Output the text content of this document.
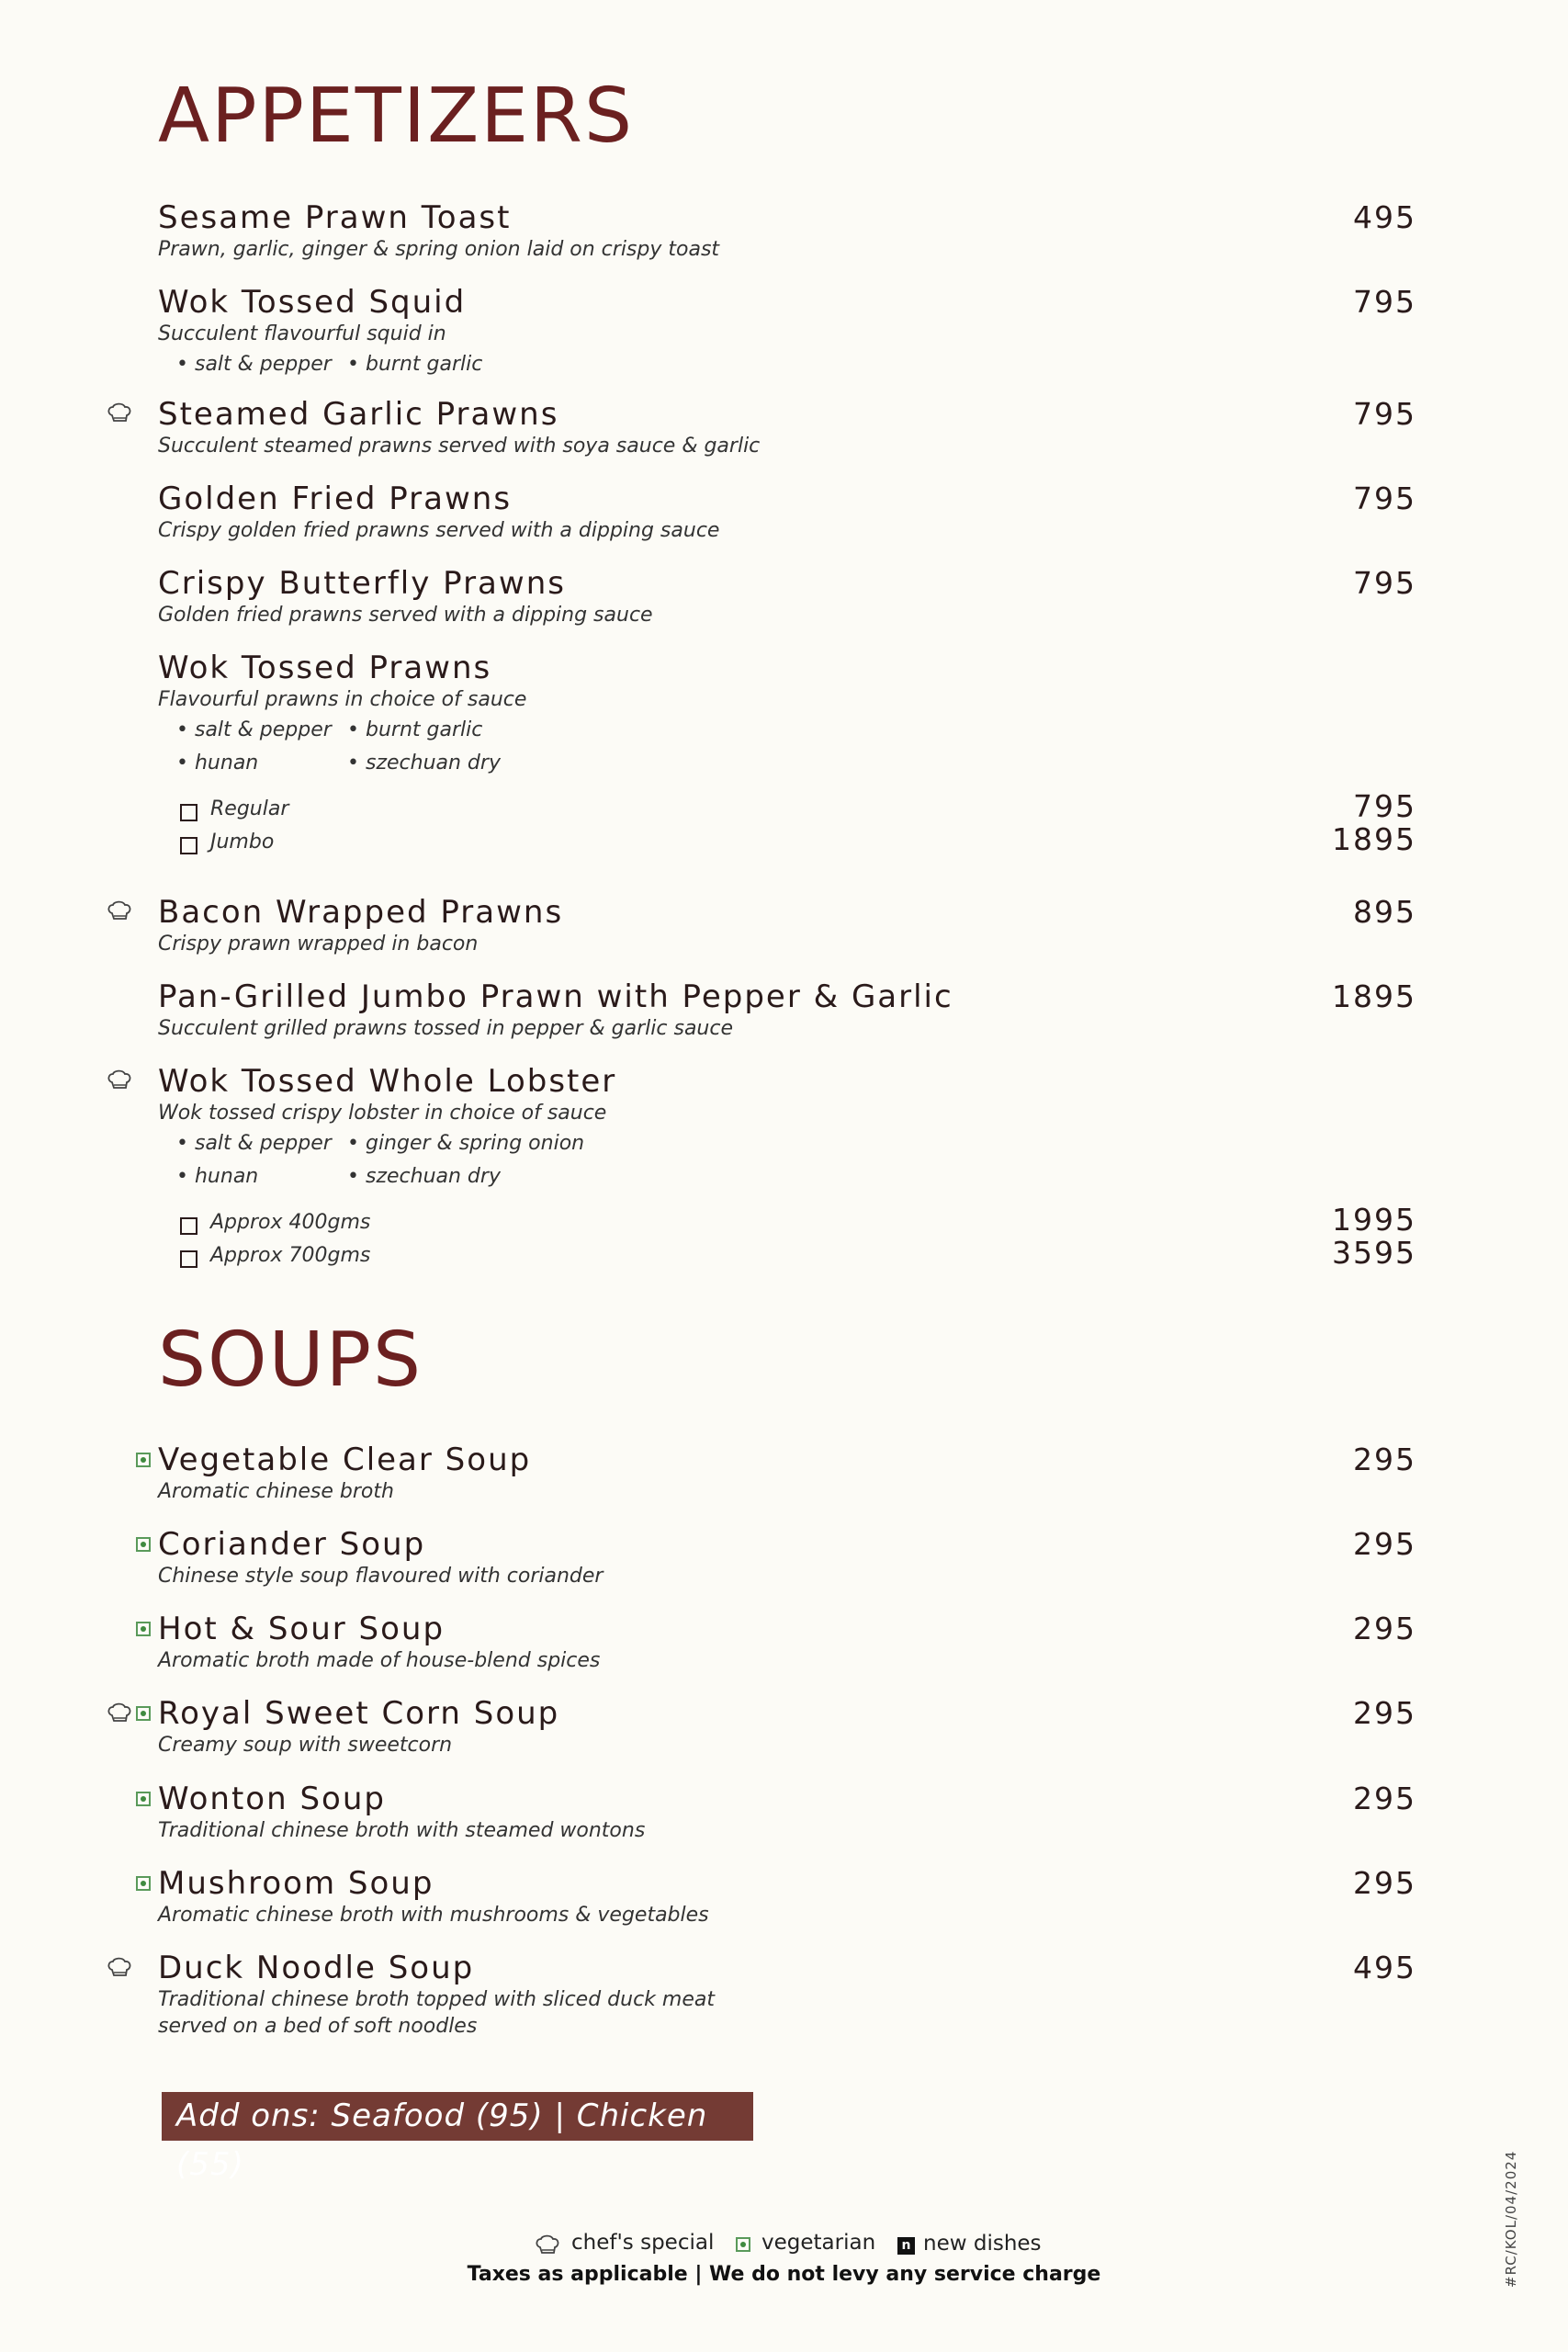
APPETIZERS
Sesame Prawn Toast
Prawn, garlic, ginger & spring onion laid on crispy toast
495
Wok Tossed Squid
Succulent flavourful squid in
• salt & pepper • burnt garlic
795
Steamed Garlic Prawns
Succulent steamed prawns served with soya sauce & garlic
795
Golden Fried Prawns
Crispy golden fried prawns served with a dipping sauce
795
Crispy Butterfly Prawns
Golden fried prawns served with a dipping sauce
795
Wok Tossed Prawns
Flavourful prawns in choice of sauce
• salt & pepper • burnt garlic
• hunan	• szechuan dry
Regular	795
Jumbo	1895
Bacon Wrapped Prawns
Crispy prawn wrapped in bacon
895
Pan-Grilled Jumbo Prawn with Pepper & Garlic
Succulent grilled prawns tossed in pepper & garlic sauce
1895
Wok Tossed Whole Lobster
Wok tossed crispy lobster in choice of sauce
• salt & pepper • ginger & spring onion
• hunan	• szechuan dry
Approx 400gms	1995
Approx 700gms	3595
SOUPS
Vegetable Clear Soup
Aromatic chinese broth
295
Coriander Soup
Chinese style soup flavoured with coriander
295
Hot & Sour Soup
Aromatic broth made of house-blend spices
295
Royal Sweet Corn Soup
Creamy soup with sweetcorn
295
Wonton Soup
Traditional chinese broth with steamed wontons
295
Mushroom Soup
Aromatic chinese broth with mushrooms & vegetables
295
Duck Noodle Soup
Traditional chinese broth topped with sliced duck meat
served on a bed of soft noodles
495
Add ons: Seafood (95) | Chicken (55)
chef's special vegetarian	n new dishes
Taxes as applicable | We do not levy any service charge	#RC/KOL/04/2024
